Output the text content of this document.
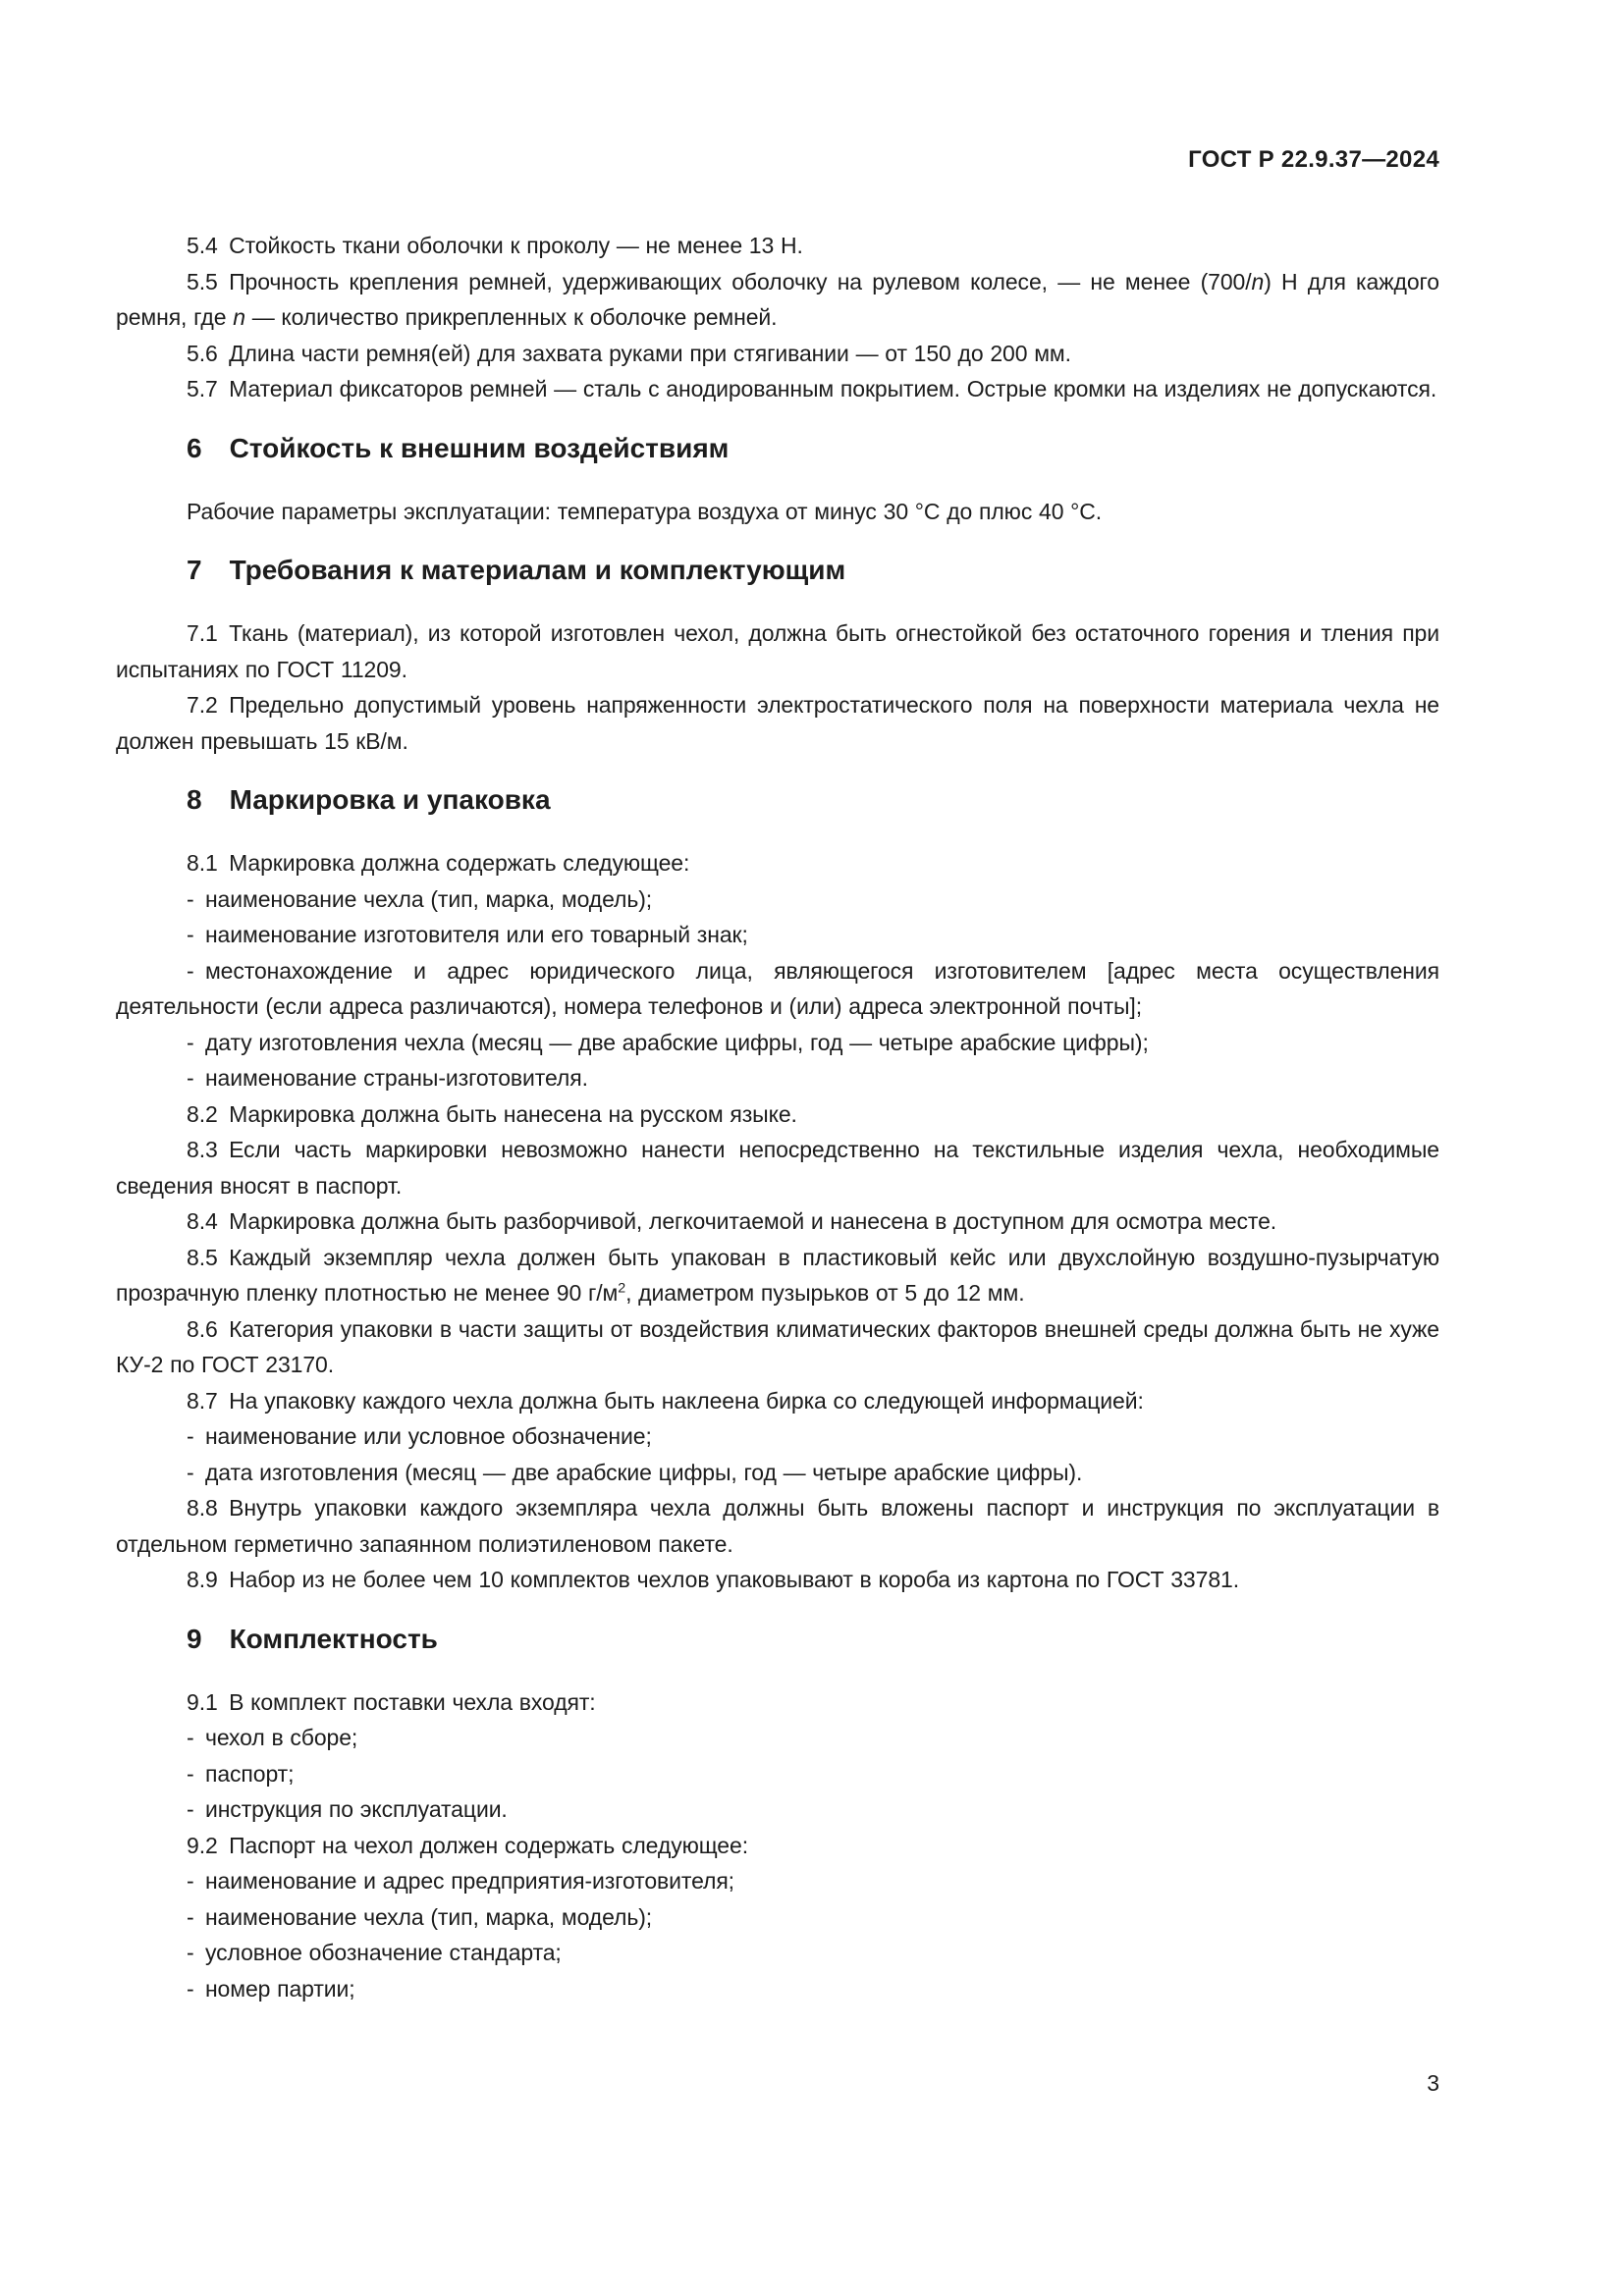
ГОСТ Р 22.9.37—2024

5.4 Стойкость ткани оболочки к проколу — не менее 13 Н.

5.5 Прочность крепления ремней, удерживающих оболочку на рулевом колесе, — не менее (700/n) Н для каждого ремня, где n — количество прикрепленных к оболочке ремней.

5.6 Длина части ремня(ей) для захвата руками при стягивании — от 150 до 200 мм.

5.7 Материал фиксаторов ремней — сталь с анодированным покрытием. Острые кромки на изделиях не допускаются.

6 Стойкость к внешним воздействиям

Рабочие параметры эксплуатации: температура воздуха от минус 30 °С до плюс 40 °С.

7 Требования к материалам и комплектующим

7.1 Ткань (материал), из которой изготовлен чехол, должна быть огнестойкой без остаточного горения и тления при испытаниях по ГОСТ 11209.

7.2 Предельно допустимый уровень напряженности электростатического поля на поверхности материала чехла не должен превышать 15 кВ/м.

8 Маркировка и упаковка

8.1 Маркировка должна содержать следующее:

- наименование чехла (тип, марка, модель);

- наименование изготовителя или его товарный знак;

- местонахождение и адрес юридического лица, являющегося изготовителем [адрес места осуществления деятельности (если адреса различаются), номера телефонов и (или) адреса электронной почты];

- дату изготовления чехла (месяц — две арабские цифры, год — четыре арабские цифры);

- наименование страны-изготовителя.

8.2 Маркировка должна быть нанесена на русском языке.

8.3 Если часть маркировки невозможно нанести непосредственно на текстильные изделия чехла, необходимые сведения вносят в паспорт.

8.4 Маркировка должна быть разборчивой, легкочитаемой и нанесена в доступном для осмотра месте.

8.5 Каждый экземпляр чехла должен быть упакован в пластиковый кейс или двухслойную воздушно-пузырчатую прозрачную пленку плотностью не менее 90 $г/м^2$, диаметром пузырьков от 5 до 12 мм.

8.6 Категория упаковки в части защиты от воздействия климатических факторов внешней среды должна быть не хуже КУ-2 по ГОСТ 23170.

8.7 На упаковку каждого чехла должна быть наклеена бирка со следующей информацией:

- наименование или условное обозначение;

- дата изготовления (месяц — две арабские цифры, год — четыре арабские цифры).

8.8 Внутрь упаковки каждого экземпляра чехла должны быть вложены паспорт и инструкция по эксплуатации в отдельном герметично запаянном полиэтиленовом пакете.

8.9 Набор из не более чем 10 комплектов чехлов упаковывают в короба из картона по ГОСТ 33781.

9 Комплектность

9.1 В комплект поставки чехла входят:

- чехол в сборе;

- паспорт;

- инструкция по эксплуатации.

9.2 Паспорт на чехол должен содержать следующее:

- наименование и адрес предприятия-изготовителя;

- наименование чехла (тип, марка, модель);

- условное обозначение стандарта;

- номер партии;

3
